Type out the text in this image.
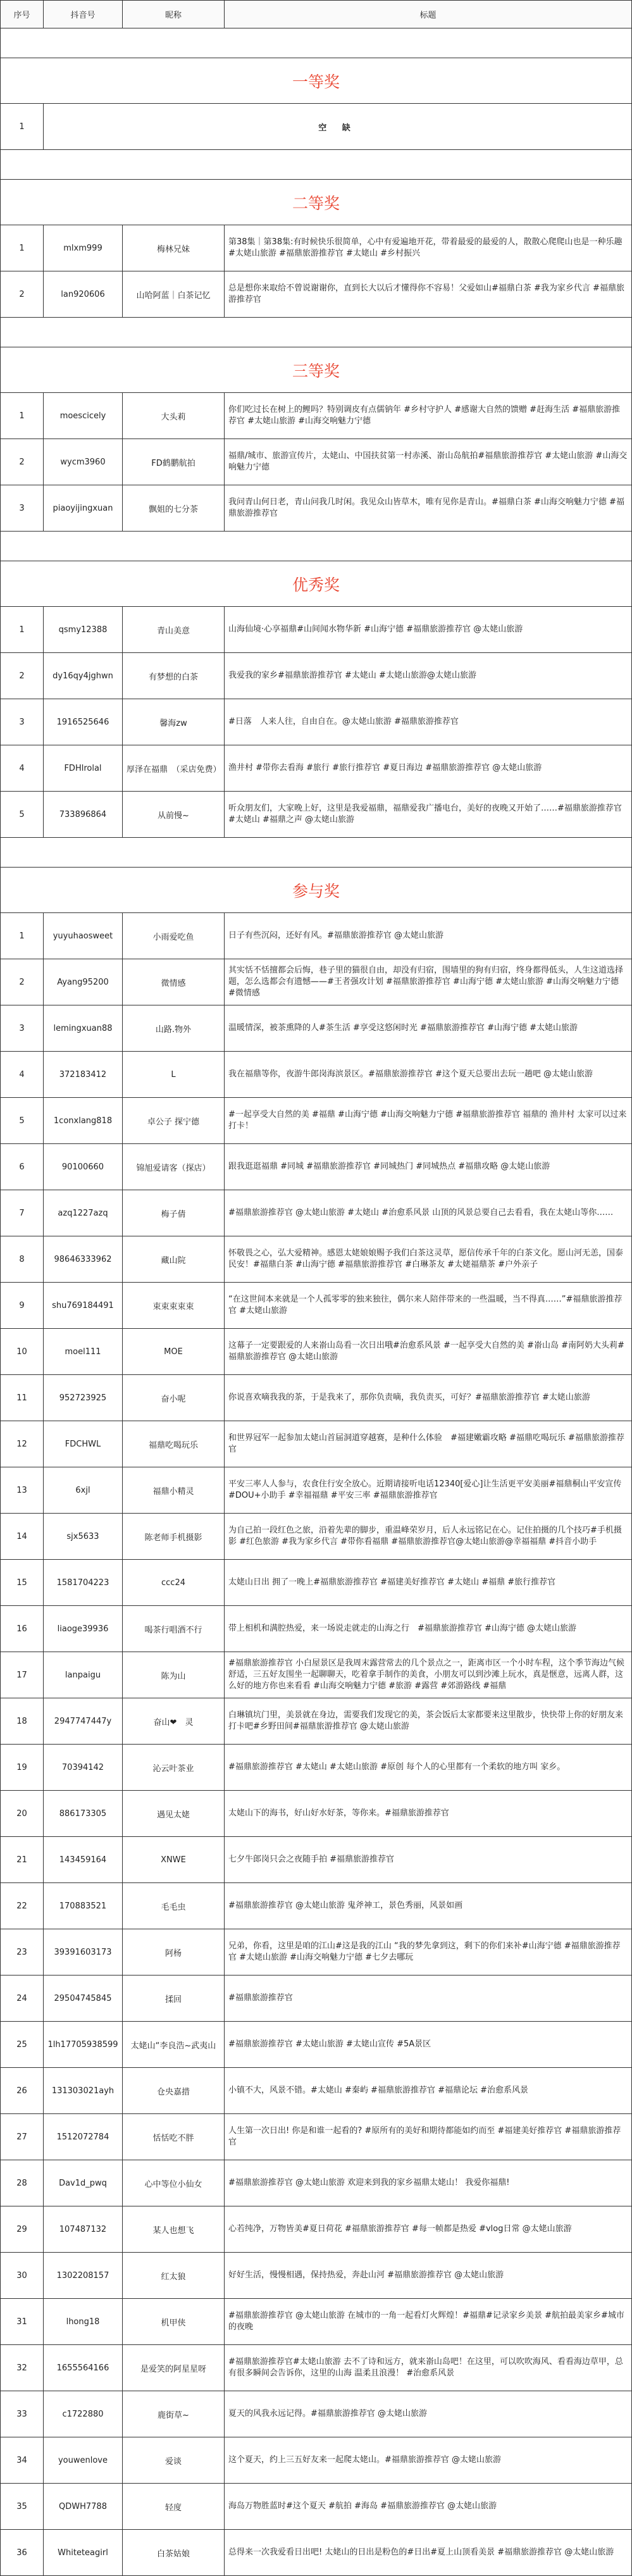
序号	抖音号	昵称	标题

一等奖			
1	空 缺		

二等奖			
1	mlxm999	梅林兄妹	第38集｜第38集:有时候快乐很简单，心中有爱遍地开花，带着最爱的最爱的人，散散心爬爬山也是一种乐趣#太姥山旅游 #福鼎旅游推荐官 #太姥山 #乡村振兴
2	lan920606	山哈阿蓝｜白茶记忆	总是想你来取给不曾说谢谢你，直到长大以后才懂得你不容易！父爱如山#福鼎白茶 #我为家乡代言 #福鼎旅游推荐官

三等奖			
1	moescicely	大头莉	你们吃过长在树上的鲤吗？特别调皮有点儒钠年 #乡村守护人 #感谢大自然的馈赠 #赶海生活 #福鼎旅游推荐官 #太姥山旅游 #山海交响魅力宁德
2	wycm3960	FD鹤鹏航拍	福鼎/城市、旅游宣传片，太姥山、中国扶贫第一村赤溪、嵛山岛航拍#福鼎旅游推荐官 #太姥山旅游 #山海交响魅力宁德
3	piaoyijingxuan	飘姐的七分茶	我问青山何日老，青山问我几时闲。我见众山皆草木，唯有见你是青山。#福鼎白茶 #山海交响魅力宁德 #福鼎旅游推荐官

优秀奖			
1	qsmy12388	青山美意	山海仙境·心享福鼎#山间闻水物华新 #山海宁德 #福鼎旅游推荐官 @太姥山旅游
2	dy16qy4jghwn	有梦想的白茶	我爱我的家乡#福鼎旅游推荐官 #太姥山 #太姥山旅游@太姥山旅游
3	1916525646	馨海zw	#日落　人来人往，自由自在。@太姥山旅游 #福鼎旅游推荐官
4	FDHlrolal	厚泽在福鼎　（采店免费）	渔井村 #带你去看海 #旅行 #旅行推荐官 #夏日海边 #福鼎旅游推荐官 @太姥山旅游
5	733896864	从前慢~	听众朋友们，大家晚上好，这里是我爱福鼎，福鼎爱我广播电台，美好的夜晚又开始了……#福鼎旅游推荐官 #太姥山 #福鼎之声 @太姥山旅游

参与奖			
1	yuyuhaosweet	小雨爱吃鱼	日子有些沉闷，还好有风。#福鼎旅游推荐官 @太姥山旅游
2	Ayang95200	微情感	其实恬不恬擅都会后悔，巷子里的猫很自由，却没有归宿，围墙里的狗有归宿，终身都得低头，人生这道选择题，怎么选都会有遗憾——#王者强攻计划 #福鼎旅游推荐官 #山海宁德 #太姥山旅游 #山海交响魅力宁德 #微情感
3	lemingxuan88	山路.物外	温暖情深，被茶熏降的人#茶生活 #享受这悠闲时光 #福鼎旅游推荐官 #山海宁德 #太姥山旅游
4	372183412	L	我在福鼎等你，夜游牛郎岗海滨景区。#福鼎旅游推荐官 #这个夏天总要出去玩一趟吧 @太姥山旅游
5	1conxlang818	卓公子 探宁德	#一起享受大自然的美 #福鼎 #山海宁德 #山海交响魅力宁德 #福鼎旅游推荐官 福鼎的 渔井村 太家可以过来打卡！
6	90100660	锦旭爱请客（探店）	跟我逛逛福鼎 #同城 #福鼎旅游推荐官 #同城热门 #同城热点 #福鼎攻略 @太姥山旅游
7	azq1227azq	梅子倩	#福鼎旅游推荐官 @太姥山旅游 #太姥山 #治愈系风景 山顶的风景总要自己去看看，我在太姥山等你……
8	98646333962	藏山院	怀敬畏之心，弘大爱精神。感恩太姥娘娘赐予我们白茶这灵草，愿信传承千年的白茶文化。愿山河无恙，国泰民安！#福鼎白茶 #山海宁德 #福鼎旅游推荐官 #白琳茶友 #太姥福鼎茶 #户外亲子
9	shu769184491	束束束束束	“在这世间本来就是一个人孤零零的独来独往，偶尔来人陪伴带来的一些温暖，当不得真……”#福鼎旅游推荐官 #太姥山旅游
10	moel111	MOE	这幕子一定要跟爱的人来嵛山岛看一次日出哦#治愈系风景 #一起享受大自然的美 #嵛山岛 #南阿奶大头莉#福鼎旅游推荐官 @太姥山旅游
11	952723925	奋小呢	你说喜欢嘀我我的茶，于是我来了，那你负责嘀，我负责买，可好？#福鼎旅游推荐官 #太姥山旅游
12	FDCHWL	福鼎吃喝玩乐	和世界冠军一起参加太姥山首届洞道穿越赛，是种什么体验　#福建嫩霸攻略 #福鼎吃喝玩乐 #福鼎旅游推荐官
13	6xjl	福鼎小精灵	平安三率人人参与，农食住行安全放心。近期请接听电话12340[爱心]让生活更平安美丽#福鼎桐山平安宣传#DOU+小助手 #幸福福鼎 #平安三率 #福鼎旅游推荐官
14	sjx5633	陈老师手机摄影	为自己拍一段红色之旅，沿着先辈的脚步，重温峰荣岁月，后人永远铭记在心。记住拍摄的几个技巧#手机摄影 #红色旅游 #我为家乡代言 #带你看福鼎 #福鼎旅游推荐官@太姥山旅游@幸福福鼎 #抖音小助手
15	1581704223	ccc24	太姥山日出 拥了一晚上#福鼎旅游推荐官 #福建美好推荐官 #太姥山 #福鼎 #旅行推荐官
16	liaoge39936	喝茶行唱酒不行	带上相机和满腔热爱，来一场说走就走的山海之行　#福鼎旅游推荐官 #山海宁德 @太姥山旅游
17	lanpaigu	陈为山	#福鼎旅游推荐官 小白屋景区是我周末露营常去的几个景点之一，距离市区一个小时车程，这个季节海边气候舒适，三五好友围坐一起聊聊天，吃着拿手制作的美食，小朋友可以到沙滩上玩水，真是惬意，远离人群，这么好的地方你也来看看 #山海交响魅力宁德 #旅游 #露营 #郊游路线 #福鼎
18	2947747447y	奋山❤　灵	白琳镇坑门里，美景就在身边，需要我们发现它的美，茶会饭后太家都要来这里散步，快快带上你的好朋友来打卡吧#乡野田间#福鼎旅游推荐官 @太姥山旅游
19	70394142	沁云叶茶业	#福鼎旅游推荐官 #太姥山 #太姥山旅游 #原创 每个人的心里都有一个柔软的地方叫 家乡。
20	886173305	遇见太姥	太姥山下的海书，好山好水好茶，等你来。#福鼎旅游推荐官
21	143459164	XNWE	七夕牛郎岗只会之夜随手拍 #福鼎旅游推荐官
22	170883521	毛毛虫	#福鼎旅游推荐官 @太姥山旅游 鬼斧神工，景色秀丽，风景如画
23	39391603173	阿杨	兄弟，你看，这里是咱的江山#这是我的江山 “我的梦先拿到这，剩下的你们来补#山海宁德 #福鼎旅游推荐官 #太姥山旅游 #山海交响魅力宁德 #七夕去哪玩
24	29504745845	揉回	#福鼎旅游推荐官
25	1lh17705938599	太姥山“李良浩~武夷山	#福鼎旅游推荐官 #太姥山旅游 #太姥山宣传 #5A景区
26	131303021ayh	仓央嘉措	小镇不大，风景不错。#太姥山 #秦屿 #福鼎旅游推荐官 #福鼎论坛 #治愈系风景
27	1512072784	恬恬吃不胖	人生第一次日出! 你是和谁一起看的? #原所有的美好和期待都能如约而至 #福建美好推荐官 #福鼎旅游推荐官
28	Dav1d_pwq	心中等位小仙女	#福鼎旅游推荐官 @太姥山旅游 欢迎来到我的家乡福鼎太姥山！ 我爱你福鼎!
29	107487132	某人也想飞	心若纯净，万物皆美#夏日荷花 #福鼎旅游推荐官 #每一帧都是热爱 #vlog日常 @太姥山旅游
30	1302208157	红太狼	好好生活，慢慢相遇，保持热爱，奔赴山河 #福鼎旅游推荐官 @太姥山旅游
31	lhong18	机甲侠	#福鼎旅游推荐官 @太姥山旅游 在城市的一角一起看灯火辉煌！#福鼎#记录家乡美景 #航拍最美家乡#城市的夜晚
32	1655564166	是爱笑的阿星星呀	#福鼎旅游推荐官#太姥山旅游 去不了诗和远方，就来嵛山岛吧！在这里，可以吹吹海风、看看海边草甲，总有很多瞬间会告诉你，这里的山海 温柔且浪漫！ #治愈系风景
33	c1722880	鹿街草~	夏天的风我永远记得。#福鼎旅游推荐官 @太姥山旅游
34	youwenlove	爱谈	这个夏天，约上三五好友来一起爬太姥山。#福鼎旅游推荐官 @太姥山旅游
35	QDWH7788	轻度	海岛万物胜蓝时#这个夏天 #航拍 #海岛 #福鼎旅游推荐官 @太姥山旅游
36	Whiteteagirl	白茶姑娘	总得来一次我爱看日出吧! 太姥山的日出是粉色的#日出#夏上山顶看美景 #福鼎旅游推荐官 @太姥山旅游
